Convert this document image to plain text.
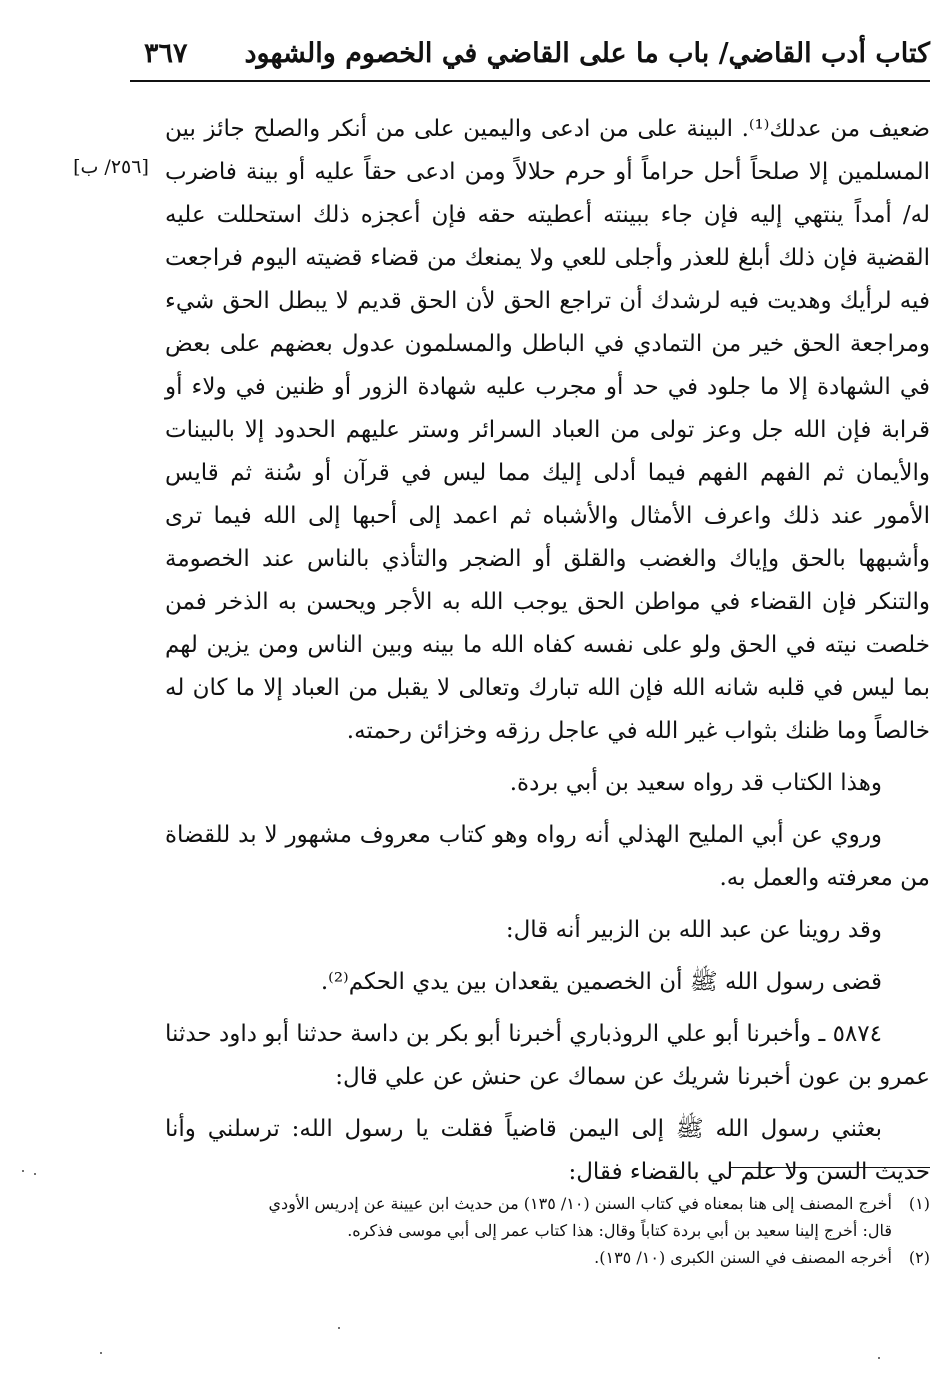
كتاب أدب القاضي/ باب ما على القاضي في الخصوم والشهود
٣٦٧
[٢٥٦/ ب]

ضعيف من عدلك⁽¹⁾. البينة على من ادعى واليمين على من أنكر والصلح جائز بين المسلمين إلا صلحاً أحل حراماً أو حرم حلالاً ومن ادعى حقاً عليه أو بينة فاضرب له/ أمداً ينتهي إليه فإن جاء ببينته أعطيته حقه فإن أعجزه ذلك استحللت عليه القضية فإن ذلك أبلغ للعذر وأجلى للعي ولا يمنعك من قضاء قضيته اليوم فراجعت فيه لرأيك وهديت فيه لرشدك أن تراجع الحق لأن الحق قديم لا يبطل الحق شيء ومراجعة الحق خير من التمادي في الباطل والمسلمون عدول بعضهم على بعض في الشهادة إلا ما جلود في حد أو مجرب عليه شهادة الزور أو ظنين في ولاء أو قرابة فإن الله جل وعز تولى من العباد السرائر وستر عليهم الحدود إلا بالبينات والأيمان ثم الفهم الفهم فيما أدلى إليك مما ليس في قرآن أو سُنة ثم قايس الأمور عند ذلك واعرف الأمثال والأشباه ثم اعمد إلى أحبها إلى الله فيما ترى وأشبهها بالحق وإياك والغضب والقلق أو الضجر والتأذي بالناس عند الخصومة والتنكر فإن القضاء في مواطن الحق يوجب الله به الأجر ويحسن به الذخر فمن خلصت نيته في الحق ولو على نفسه كفاه الله ما بينه وبين الناس ومن يزين لهم بما ليس في قلبه شانه الله فإن الله تبارك وتعالى لا يقبل من العباد إلا ما كان له خالصاً وما ظنك بثواب غير الله في عاجل رزقه وخزائن رحمته.

وهذا الكتاب قد رواه سعيد بن أبي بردة.

وروي عن أبي المليح الهذلي أنه رواه وهو كتاب معروف مشهور لا بد للقضاة من معرفته والعمل به.

وقد روينا عن عبد الله بن الزبير أنه قال:

قضى رسول الله ﷺ أن الخصمين يقعدان بين يدي الحكم⁽²⁾.

٥٨٧٤ ـ وأخبرنا أبو علي الروذباري أخبرنا أبو بكر بن داسة حدثنا أبو داود حدثنا عمرو بن عون أخبرنا شريك عن سماك عن حنش عن علي قال:

بعثني رسول الله ﷺ إلى اليمن قاضياً فقلت يا رسول الله: ترسلني وأنا حديث السن ولا علم لي بالقضاء فقال:

(١)أخرج المصنف إلى هنا بمعناه في كتاب السنن (١٠/ ١٣٥) من حديث ابن عيينة عن إدريس الأودي
قال: أخرج إلينا سعيد بن أبي بردة كتاباً وقال: هذا كتاب عمر إلى أبي موسى فذكره.

(٢)أخرجه المصنف في السنن الكبرى (١٠/ ١٣٥).
